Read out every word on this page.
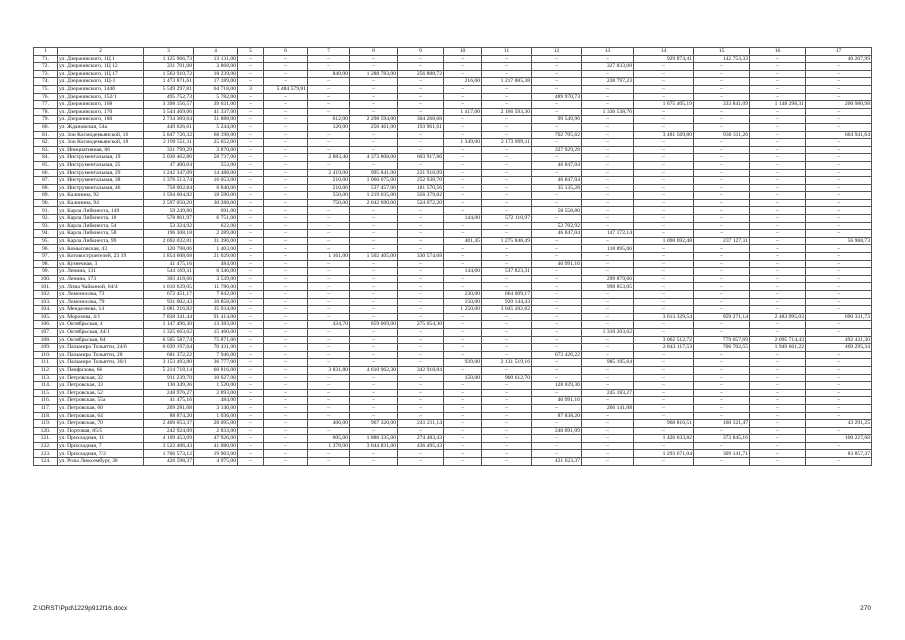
1	2	3	4	5	6	7	8	9	10	11	12	13	14	15	16	17
71.	ул. Дзержинского, 1Ц 1	1 125 966,73	13 131,00	–	–	–	–	–	–	–	–	–	929 874,41	142 753,33	–	40 207,99
72.	ул. Дзержинского, 1Ц 12	331 701,08	3 868,00	–	–	–	–	–	–	–	–	327 833,08	–	–	–	–
73.	ул. Дзержинского, 1Ц 17	1 563 910,72	18 239,00	–	–	840,00	1 288 783,00	256 888,72	–	–	–	–	–	–	–	–
74.	ул. Дзержинского, 1Ц-1	1 473 871,61	17 189,00	–	–	–	–	–	216,00	1 217 885,38	–	238 797,23	–	–	–	–
75.	ул. Дзержинского, 144б	5 549 297,81	64 718,00	3	5 484 579,81	–	–	–	–	–	–	–	–	–	–	–
76.	ул. Дзержинского, 152/1	495 752,73	5 782,00	–	–	–	–	–	–	–	489 970,73	–	–	–	–	–
77.	ул. Дзержинского, 168	3 398 156,57	39 631,00	–	–	–	–	–	–	–	–	–	1 675 405,19	333 841,09	1 148 298,31	200 980,98
78.	ул. Дзержинского, 170	3 544 469,06	41 337,00	–	–	–	–	–	1 417,00	2 166 593,30	–	1 336 538,76	–	–	–	–
79.	ул. Дзержинского, 180	2 734 309,64	31 888,00	–	–	612,00	2 298 594,00	304 268,68	–	–	99 549,96	–	–	–	–	–
80.	ул. Ждановская, 54а	449 626,61	5 244,00	–	–	120,00	250 461,00	193 961,61	–	–	–	–	–	–	–	–
81.	ул. Зои Космодемьянской, 16	5 847 726,32	68 198,00	–	–	–	–	–	–	–	702 705,62	–	3 481 569,80	930 311,26	–	664 941,64
82.	ул. Зои Космодемьянской, 18	2 199 551,11	25 652,00	–	–	–	–	–	1 349,00	2 173 899,11	–	–	–	–	–	–
83.	ул. Инициативная, 86	331 799,29	3 870,00	–	–	–	–	–	–	–	327 929,29	–	–	–	–	–
84.	ул. Инструментальная, 19	5 036 462,86	58 737,00	–	–	2 883,40	4 373 808,00	603 917,86	–	–	–	–	–	–	–	–
85.	ул. Инструментальная, 25	47 400,04	553,00	–	–	–	–	–	–	–	46 847,04	–	–	–	–	–
86.	ул. Инструментальная, 29	1 242 347,09	14 488,00	–	–	2 419,00	995 841,00	231 918,09	–	–	–	–	–	–	–	–
87.	ул. Инструментальная, 38	1 376 513,74	16 053,00	–	–	210,00	1 060 675,00	252 938,70	–	–	46 847,04	–	–	–	–	–
88.	ул. Инструментальная, 46	758 002,84	8 840,00	–	–	210,00	537 457,00	181 570,56	–	–	35 135,28	–	–	–	–	–
89.	ул. Калинина, 92	1 594 004,82	18 590,00	–	–	550,00	1 219 035,00	356 379,82	–	–	–	–	–	–	–	–
90.	ул. Калинина, 94	2 597 050,20	30 288,00	–	–	750,00	2 042 690,00	524 072,20	–	–	–	–	–	–	–	–
91.	ул. Карла Либкнехта, 149	59 249,80	691,00	–	–	–	–	–	–	–	58 558,80	–	–	–	–	–
92.	ул. Карла Либкнехта, 18	578 861,97	6 751,00	–	–	–	–	–	144,00	572 110,97	–	–	–	–	–	–
93.	ул. Карла Либкнехта, 54	53 324,92	622,00	–	–	–	–	–	–	–	52 702,92	–	–	–	–	–
94.	ул. Карла Либкнехта, 58	196 308,18	2 289,00	–	–	–	–	–	–	–	46 847,04	147 172,14	–	–	–	–
95.	ул. Карла Либкнехта, 99	2 692 032,81	31 396,00	–	–	–	–	–	401,45	1 275 848,49	–	–	1 090 692,48	237 127,11	–	56 968,73
96.	ул. Комысовская, 43	120 798,06	1 403,00	–	–	–	–	–	–	–	–	118 895,06	–	–	–	–
97.	ул. Котовостроителей, 23 19	1 854 608,68	21 629,00	–	–	1 161,00	1 502 405,00	330 574,68	–	–	–	–	–	–	–	–
98.	ул. Кузнечная, 3	41 475,16	484,00	–	–	–	–	–	–	–	40 991,16	–	–	–	–	–
99.	ул. Ленина, 131	544 169,31	6 346,00	–	–	–	–	–	144,00	537 823,31	–	–	–	–	–	–
100.	ул. Ленина, 173	303 418,66	3 539,00	–	–	–	–	–	–	–	–	299 879,66	–	–	–	–
101.	ул. Лизы Чайкиной, 64/4	1 010 639,05	11 786,00	–	–	–	–	–	–	–	–	998 853,05	–	–	–	–
102.	ул. Ломоносова, 73	672 451,17	7 842,00	–	–	–	–	–	230,00	664 609,17	–	–	–	–	–	–
103.	ул. Ломоносова, 79	931 002,43	10 858,00	–	–	–	–	–	150,00	920 144,43	–	–	–	–	–	–
104.	ул. Менделеева, 14	3 081 216,82	35 934,00	–	–	–	–	–	1 250,00	3 045 282,82	–	–	–	–	–	–
105.	ул. Морозова, 4/1	7 838 341,44	91 414,00	–	–	–	–	–	–	–	–	–	3 613 329,54	959 271,14	2 483 995,03	690 331,73
106.	ул. Октябрьская, 4	1 147 496,30	13 383,00	–	–	434,70	859 069,00	275 054,30	–	–	–	–	–	–	–	–
107.	ул. Октябрьская, 44/1	1 325 663,62	15 460,00	–	–	–	–	–	–	–	–	1 310 203,62	–	–	–	–
108.	ул. Октябрьская, 84	6 505 587,74	75 871,00	–	–	–	–	–	–	–	–	–	3 062 512,72	779 057,69	2 095 714,43	492 431,30
109.	ул. Пальмиро Тольятти, 24/6	6 039 197,64	70 431,00	–	–	–	–	–	–	–	–	–	2 843 117,53	706 702,55	1 949 661,22	469 295,34
110.	ул. Пальмиро Тольятти, 28	681 372,22	7 946,00	–	–	–	–	–	–	–	673 426,22	–	–	–	–	–
111.	ул. Пальмиро Тольятти, 30/1	3 153 493,80	36 777,00	–	–	–	–	–	939,00	2 131 519,16	–	985 195,64	–	–	–	–
112.	ул. Панфилова, 66	5 214 718,14	60 816,00	–	–	3 831,80	4 610 962,30	342 918,84	–	–	–	–	–	–	–	–
113.	ул. Петровская, 32	911 239,70	10 627,00	–	–	–	–	–	150,00	900 612,70	–	–	–	–	–	–
114.	ул. Петровская, 33	130 349,36	1 520,00	–	–	–	–	–	–	–	128 829,36	–	–	–	–	–
115.	ул. Петровская, 52	248 976,27	2 893,00	–	–	–	–	–	–	–	–	245 183,27	–	–	–	–
116.	ул. Петровская, 55а	41 475,16	484,00	–	–	–	–	–	–	–	40 991,16	–	–	–	–	–
117.	ул. Петровская, 60	269 281,08	3 140,00	–	–	–	–	–	–	–	–	266 141,08	–	–	–	–
118.	ул. Петровская, 64	88 874,20	1 036,00	–	–	–	–	–	–	–	87 838,20	–	–	–	–	–
119.	ул. Петровская, 70	2 409 053,37	28 095,00	–	–	406,00	967 320,00	241 211,14	–	–	–	–	968 816,51	160 121,47	–	43 291,25
120.	ул. Портовая, 85/5	242 924,09	2 833,00	–	–	–	–	–	–	–	240 091,09	–	–	–	–	–
121.	ул. Прихладная, 11	4 109 453,09	47 926,00	–	–	605,00	1 886 335,00	274 483,43	–	–	–	–	1 426 633,82	373 845,16	–	100 227,68
122.	ул. Прихладная, 7	3 522 406,43	41 080,00	–	–	1 378,00	3 044 831,00	436 495,43	–	–	–	–	–	–	–	–
123.	ул. Прихладная, 7/2	1 706 573,12	19 903,00	–	–	–	–	–	–	–	–	–	1 293 671,04	309 141,71	–	83 857,37
124.	ул. Розы Люксембург, 38	426 598,37	4 975,00	–	–	–	–	–	–	–	421 623,37	–	–	–	–	–
Z:\ORST\Ppd\1229p912f16.docx	270
